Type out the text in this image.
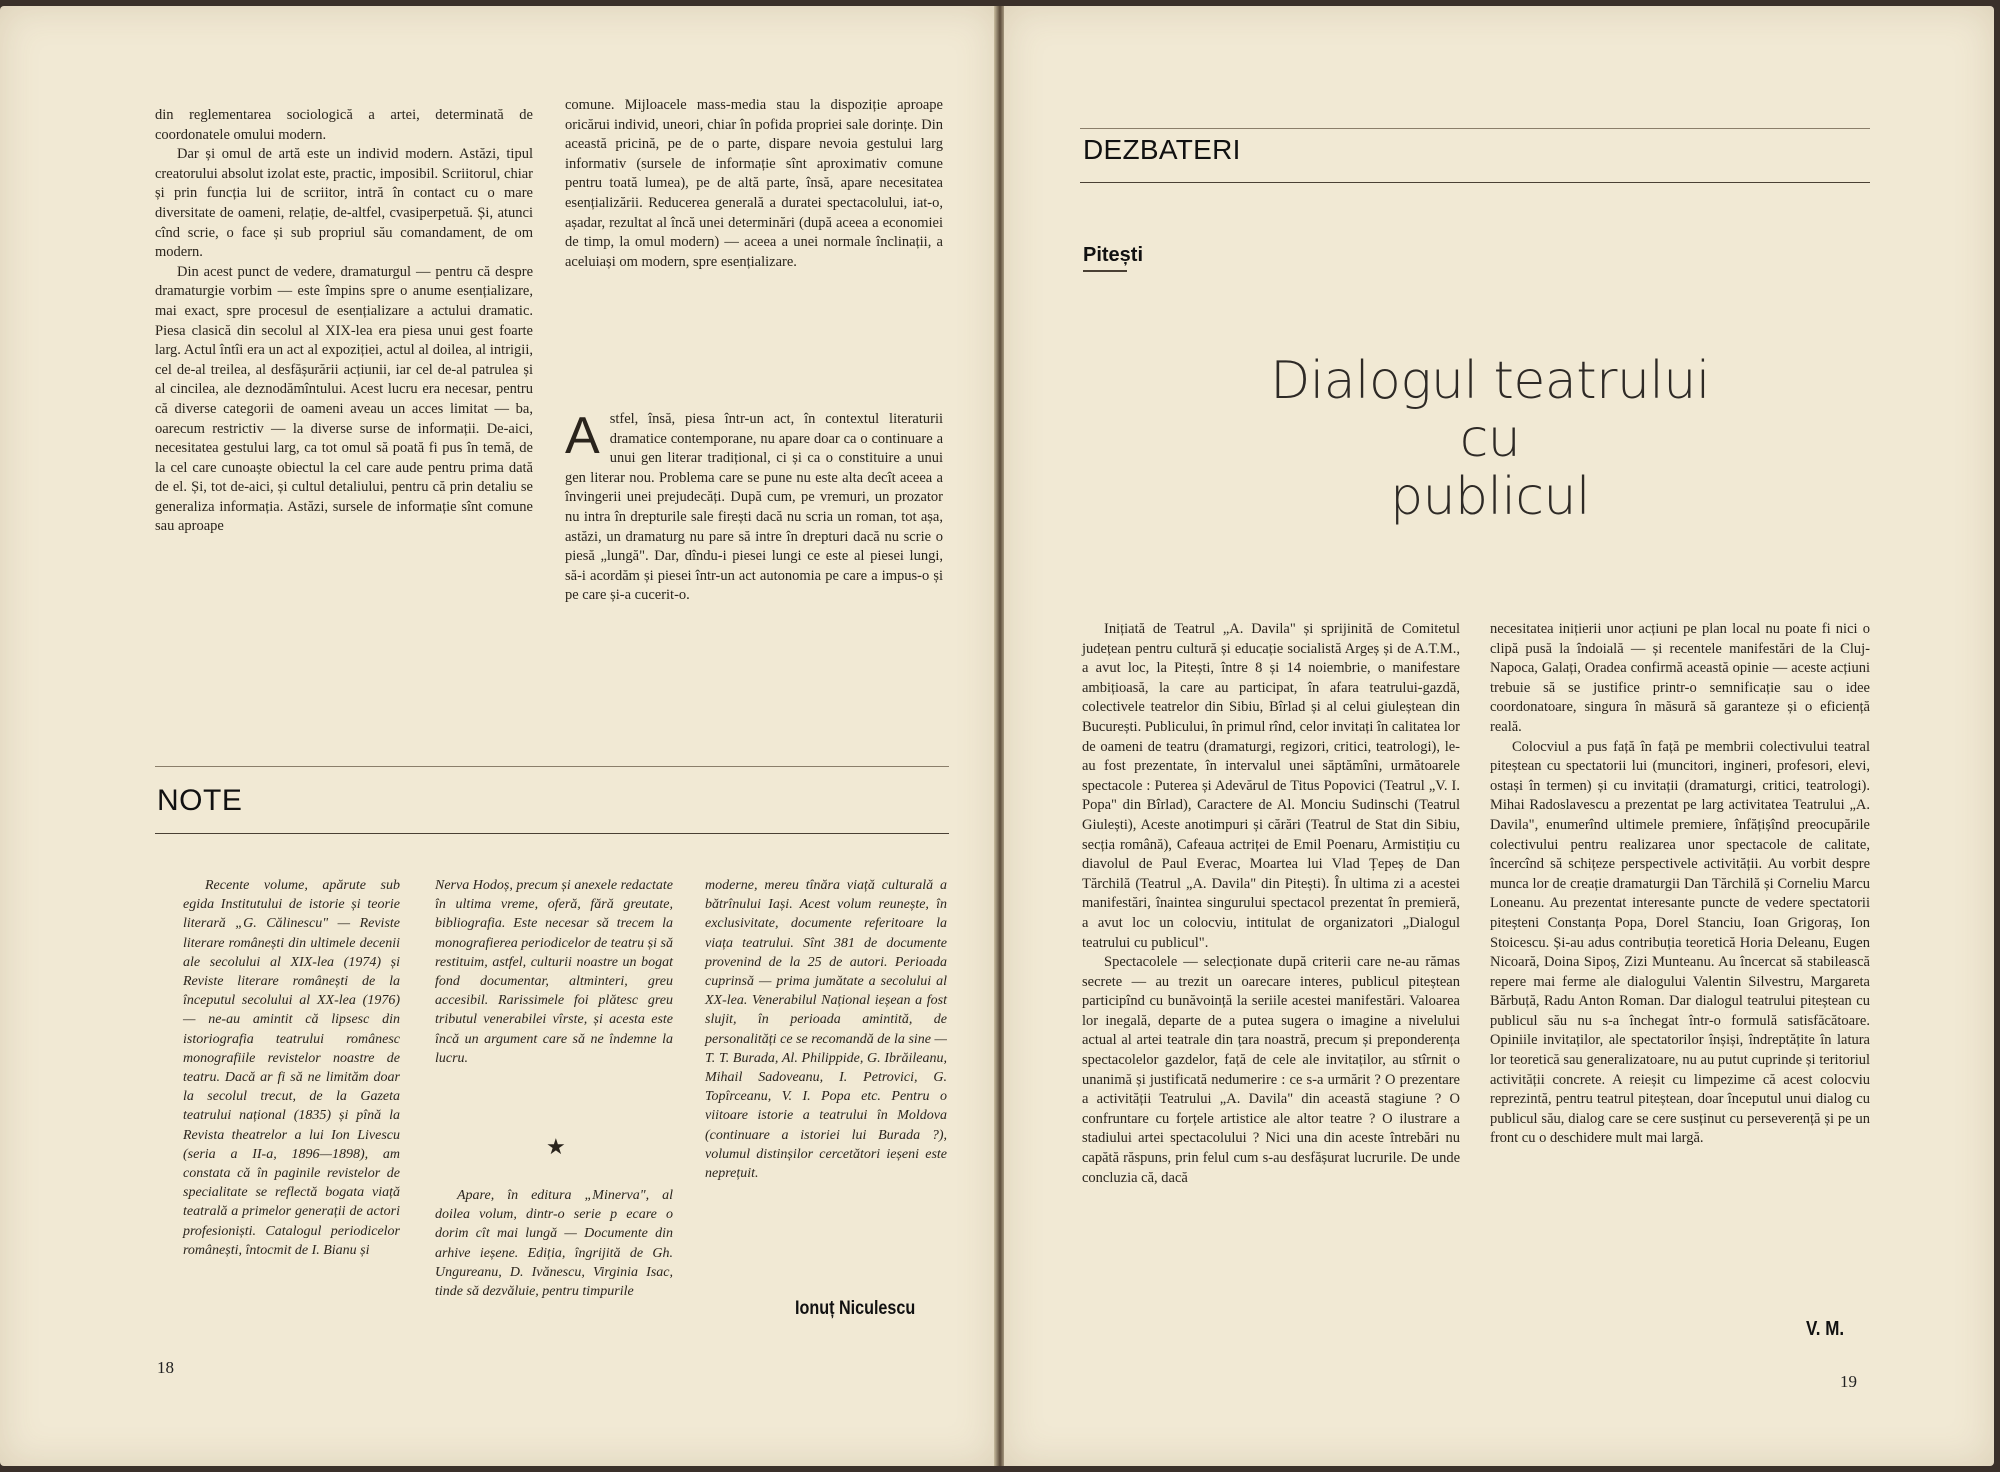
din reglementarea sociologică a artei, determinată de coordonatele omului modern.

Dar și omul de artă este un individ modern. Astăzi, tipul creatorului absolut izolat este, practic, imposibil. Scriitorul, chiar și prin funcția lui de scriitor, intră în contact cu o mare diversitate de oameni, relație, de-altfel, cvasiperpetuă. Și, atunci cînd scrie, o face și sub propriul său comandament, de om modern.

Din acest punct de vedere, dramaturgul — pentru că despre dramaturgie vorbim — este împins spre o anume esențializare, mai exact, spre procesul de esențializare a actului dramatic. Piesa clasică din secolul al XIX-lea era piesa unui gest foarte larg. Actul întîi era un act al expoziției, actul al doilea, al intrigii, cel de-al treilea, al desfășurării acțiunii, iar cel de-al patrulea și al cincilea, ale deznodămîntului. Acest lucru era necesar, pentru că diverse categorii de oameni aveau un acces limitat — ba, oarecum restrictiv — la diverse surse de informații. De-aici, necesitatea gestului larg, ca tot omul să poată fi pus în temă, de la cel care cunoaște obiectul la cel care aude pentru prima dată de el. Și, tot de-aici, și cultul detaliului, pentru că prin detaliu se generaliza informația. Astăzi, sursele de informație sînt comune sau aproape

comune. Mijloacele mass-media stau la dispoziție aproape oricărui individ, uneori, chiar în pofida propriei sale dorințe. Din această pricină, pe de o parte, dispare nevoia gestului larg informativ (sursele de informație sînt aproximativ comune pentru toată lumea), pe de altă parte, însă, apare necesitatea esențializării. Reducerea generală a duratei spectacolului, iat-o, așadar, rezultat al încă unei determinări (după aceea a economiei de timp, la omul modern) — aceea a unei normale înclinații, a aceluiași om modern, spre esențializare.

A stfel, însă, piesa într-un act, în contextul literaturii dramatice contemporane, nu apare doar ca o continuare a unui gen literar tradițional, ci și ca o constituire a unui gen literar nou. Problema care se pune nu este alta decît aceea a învingerii unei prejudecăți. După cum, pe vremuri, un prozator nu intra în drepturile sale firești dacă nu scria un roman, tot așa, astăzi, un dramaturg nu pare să intre în drepturi dacă nu scrie o piesă „lungă". Dar, dîndu-i piesei lungi ce este al piesei lungi, să-i acordăm și piesei într-un act autonomia pe care a impus-o și pe care și-a cucerit-o.

NOTE

Recente volume, apărute sub egida Institutului de istorie și teorie literară „G. Călinescu" — Reviste literare românești din ultimele decenii ale secolului al XIX-lea (1974) și Reviste literare românești de la începutul secolului al XX-lea (1976) — ne-au amintit că lipsesc din istoriografia teatrului românesc monografiile revistelor noastre de teatru. Dacă ar fi să ne limităm doar la secolul trecut, de la Gazeta teatrului național (1835) și pînă la Revista theatrelor a lui Ion Livescu (seria a II-a, 1896—1898), am constata că în paginile revistelor de specialitate se reflectă bogata viață teatrală a primelor generații de actori profesioniști. Catalogul periodicelor românești, întocmit de I. Bianu și

Nerva Hodoș, precum și anexele redactate în ultima vreme, oferă, fără greutate, bibliografia. Este necesar să trecem la monografierea periodicelor de teatru și să restituim, astfel, culturii noastre un bogat fond documentar, altminteri, greu accesibil. Rarissimele foi plătesc greu tributul venerabilei vîrste, și acesta este încă un argument care să ne îndemne la lucru.

★

Apare, în editura „Minerva", al doilea volum, dintr-o serie p ecare o dorim cît mai lungă — Documente din arhive ieșene. Ediția, îngrijită de Gh. Ungureanu, D. Ivănescu, Virginia Isac, tinde să dezvăluie, pentru timpurile

moderne, mereu tînăra viață culturală a bătrînului Iași. Acest volum reunește, în exclusivitate, documente referitoare la viața teatrului. Sînt 381 de documente provenind de la 25 de autori. Perioada cuprinsă — prima jumătate a secolului al XX-lea. Venerabilul Național ieșean a fost slujit, în perioada amintită, de personalități ce se recomandă de la sine — T. T. Burada, Al. Philippide, G. Ibrăileanu, Mihail Sadoveanu, I. Petrovici, G. Topîrceanu, V. I. Popa etc. Pentru o viitoare istorie a teatrului în Moldova (continuare a istoriei lui Burada ?), volumul distinșilor cercetători ieșeni este neprețuit.

Ionuț Niculescu
18
DEZBATERI
Pitești
Dialogul teatrului
cu
publicul

Inițiată de Teatrul „A. Davila" și sprijinită de Comitetul județean pentru cultură și educație socialistă Argeș și de A.T.M., a avut loc, la Pitești, între 8 și 14 noiembrie, o manifestare ambițioasă, la care au participat, în afara teatrului-gazdă, colectivele teatrelor din Sibiu, Bîrlad și al celui giuleștean din București. Publicului, în primul rînd, celor invitați în calitatea lor de oameni de teatru (dramaturgi, regizori, critici, teatrologi), le-au fost prezentate, în intervalul unei săptămîni, următoarele spectacole : Puterea și Adevărul de Titus Popovici (Teatrul „V. I. Popa" din Bîrlad), Caractere de Al. Monciu Sudinschi (Teatrul Giulești), Aceste anotimpuri și cărări (Teatrul de Stat din Sibiu, secția română), Cafeaua actriței de Emil Poenaru, Armistițiu cu diavolul de Paul Everac, Moartea lui Vlad Țepeș de Dan Tărchilă (Teatrul „A. Davila" din Pitești). În ultima zi a acestei manifestări, înaintea singurului spectacol prezentat în premieră, a avut loc un colocviu, intitulat de organizatori „Dialogul teatrului cu publicul".

Spectacolele — selecționate după criterii care ne-au rămas secrete — au trezit un oarecare interes, publicul piteștean participînd cu bunăvoință la seriile acestei manifestări. Valoarea lor inegală, departe de a putea sugera o imagine a nivelului actual al artei teatrale din țara noastră, precum și preponderența spectacolelor gazdelor, față de cele ale invitaților, au stîrnit o unanimă și justificată nedumerire : ce s-a urmărit ? O prezentare a activității Teatrului „A. Davila" din această stagiune ? O confruntare cu forțele artistice ale altor teatre ? O ilustrare a stadiului artei spectacolului ? Nici una din aceste întrebări nu capătă răspuns, prin felul cum s-au desfășurat lucrurile. De unde concluzia că, dacă

necesitatea inițierii unor acțiuni pe plan local nu poate fi nici o clipă pusă la îndoială — și recentele manifestări de la Cluj-Napoca, Galați, Oradea confirmă această opinie — aceste acțiuni trebuie să se justifice printr-o semnificație sau o idee coordonatoare, singura în măsură să garanteze și o eficiență reală.

Colocviul a pus față în față pe membrii colectivului teatral piteștean cu spectatorii lui (muncitori, ingineri, profesori, elevi, ostași în termen) și cu invitații (dramaturgi, critici, teatrologi). Mihai Radoslavescu a prezentat pe larg activitatea Teatrului „A. Davila", enumerînd ultimele premiere, înfățișînd preocupările colectivului pentru realizarea unor spectacole de calitate, încercînd să schițeze perspectivele activității. Au vorbit despre munca lor de creație dramaturgii Dan Tărchilă și Corneliu Marcu Loneanu. Au prezentat interesante puncte de vedere spectatorii piteșteni Constanța Popa, Dorel Stanciu, Ioan Grigoraș, Ion Stoicescu. Și-au adus contribuția teoretică Horia Deleanu, Eugen Nicoară, Doina Sipoș, Zizi Munteanu. Au încercat să stabilească repere mai ferme ale dialogului Valentin Silvestru, Margareta Bărbuță, Radu Anton Roman. Dar dialogul teatrului piteștean cu publicul său nu s-a închegat într-o formulă satisfăcătoare. Opiniile invitaților, ale spectatorilor înșiși, îndreptățite în latura lor teoretică sau generalizatoare, nu au putut cuprinde și teritoriul activității concrete. A reieșit cu limpezime că acest colocviu reprezintă, pentru teatrul piteștean, doar începutul unui dialog cu publicul său, dialog care se cere susținut cu perseverență și pe un front cu o deschidere mult mai largă.

V. M.
19
